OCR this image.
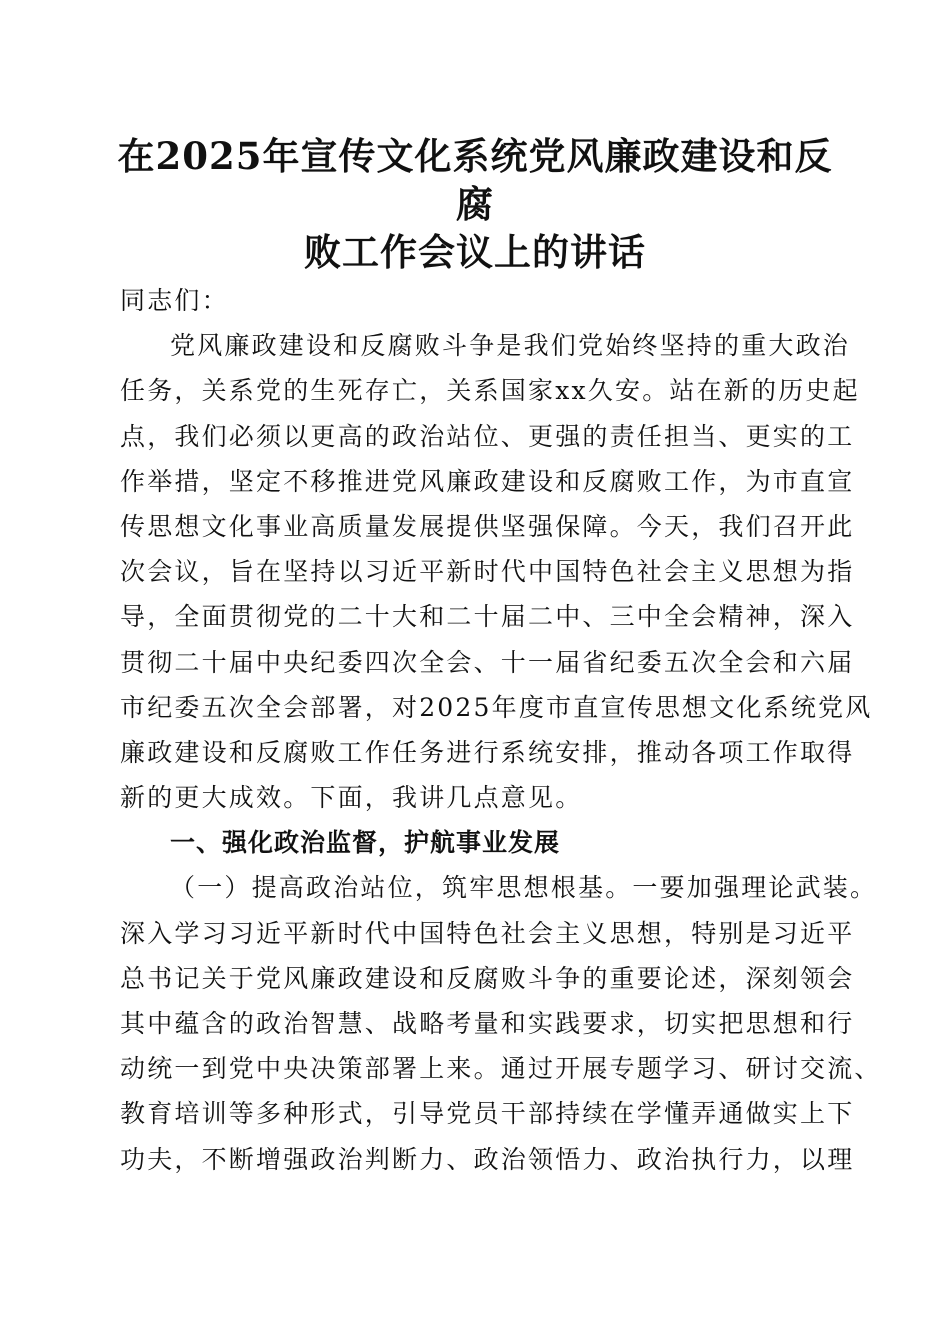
在2025年宣传文化系统党风廉政建设和反腐
败工作会议上的讲话
同志们：
党风廉政建设和反腐败斗争是我们党始终坚持的重大政治
任务，关系党的生死存亡，关系国家xx久安。站在新的历史起
点，我们必须以更高的政治站位、更强的责任担当、更实的工
作举措，坚定不移推进党风廉政建设和反腐败工作，为市直宣
传思想文化事业高质量发展提供坚强保障。今天，我们召开此
次会议，旨在坚持以习近平新时代中国特色社会主义思想为指
导，全面贯彻党的二十大和二十届二中、三中全会精神，深入
贯彻二十届中央纪委四次全会、十一届省纪委五次全会和六届
市纪委五次全会部署，对2025年度市直宣传思想文化系统党风
廉政建设和反腐败工作任务进行系统安排，推动各项工作取得
新的更大成效。下面，我讲几点意见。
一、强化政治监督，护航事业发展
（一）提高政治站位，筑牢思想根基。一要加强理论武装。
深入学习习近平新时代中国特色社会主义思想，特别是习近平
总书记关于党风廉政建设和反腐败斗争的重要论述，深刻领会
其中蕴含的政治智慧、战略考量和实践要求，切实把思想和行
动统一到党中央决策部署上来。通过开展专题学习、研讨交流、
教育培训等多种形式，引导党员干部持续在学懂弄通做实上下
功夫，不断增强政治判断力、政治领悟力、政治执行力，以理
